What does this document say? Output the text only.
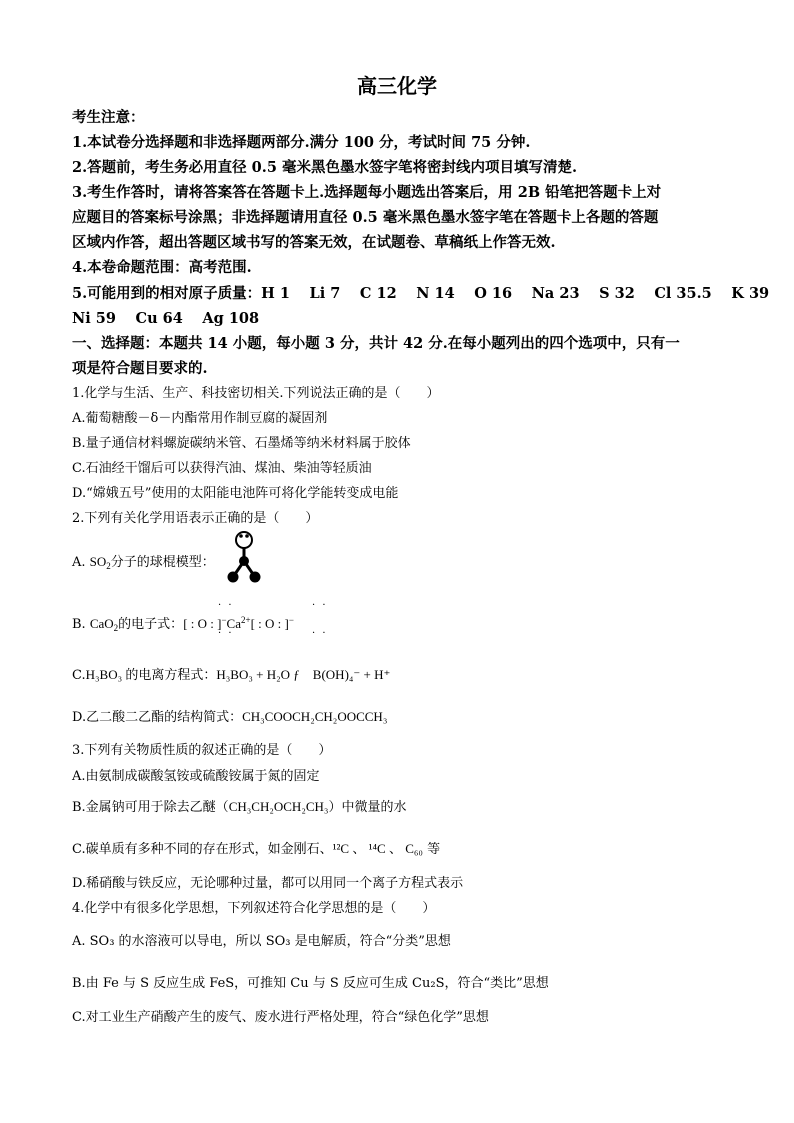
高三化学
考生注意：
1.本试卷分选择题和非选择题两部分.满分 100 分，考试时间 75 分钟.
2.答题前，考生务必用直径 0.5 毫米黑色墨水签字笔将密封线内项目填写清楚.
3.考生作答时，请将答案答在答题卡上.选择题每小题选出答案后，用 2B 铅笔把答题卡上对
应题目的答案标号涂黑；非选择题请用直径 0.5 毫米黑色墨水签字笔在答题卡上各题的答题
区域内作答，超出答题区域书写的答案无效，在试题卷、草稿纸上作答无效.
4.本卷命题范围：高考范围.
5.可能用到的相对原子质量：H 1　 Li 7　 C 12　 N 14　 O 16　 Na 23　 S 32　 Cl 35.5　 K 39
Ni 59　 Cu 64　 Ag 108
一、选择题：本题共 14 小题，每小题 3 分，共计 42 分.在每小题列出的四个选项中，只有一
项是符合题目要求的.
1.化学与生活、生产、科技密切相关.下列说法正确的是（　　）
A.葡萄糖酸－δ－内酯常用作制豆腐的凝固剂
B.量子通信材料螺旋碳纳米管、石墨烯等纳米材料属于胶体
C.石油经干馏后可以获得汽油、煤油、柴油等轻质油
D.“嫦娥五号”使用的太阳能电池阵可将化学能转变成电能
2.下列有关化学用语表示正确的是（　　）
A. $SO_2$分子的球棍模型：
B. CaO$_2$的电子式：[ : O : ]$^-Ca^{2+}$[ : O : ]−
· ·
· ·
· ·
· ·
C.H₃BO₃ 的电离方程式：H₃BO₃ + H₂O ƒ　B(OH)₄⁻ + H⁺
D.乙二酸二乙酯的结构简式：CH₃COOCH₂CH₂OOCCH₃
3.下列有关物质性质的叙述正确的是（　　）
A.由氨制成碳酸氢铵或硫酸铵属于氮的固定
B.金属钠可用于除去乙醚（CH₃CH₂OCH₂CH₃）中微量的水
C.碳单质有多种不同的存在形式，如金刚石、¹²C 、 ¹⁴C 、 C₆₀ 等
D.稀硝酸与铁反应，无论哪种过量，都可以用同一个离子方程式表示
4.化学中有很多化学思想，下列叙述符合化学思想的是（　　）
A. SO₃ 的水溶液可以导电，所以 SO₃ 是电解质，符合“分类”思想
B.由 Fe 与 S 反应生成 FeS，可推知 Cu 与 S 反应可生成 Cu₂S，符合“类比”思想
C.对工业生产硝酸产生的废气、废水进行严格处理，符合“绿色化学”思想
